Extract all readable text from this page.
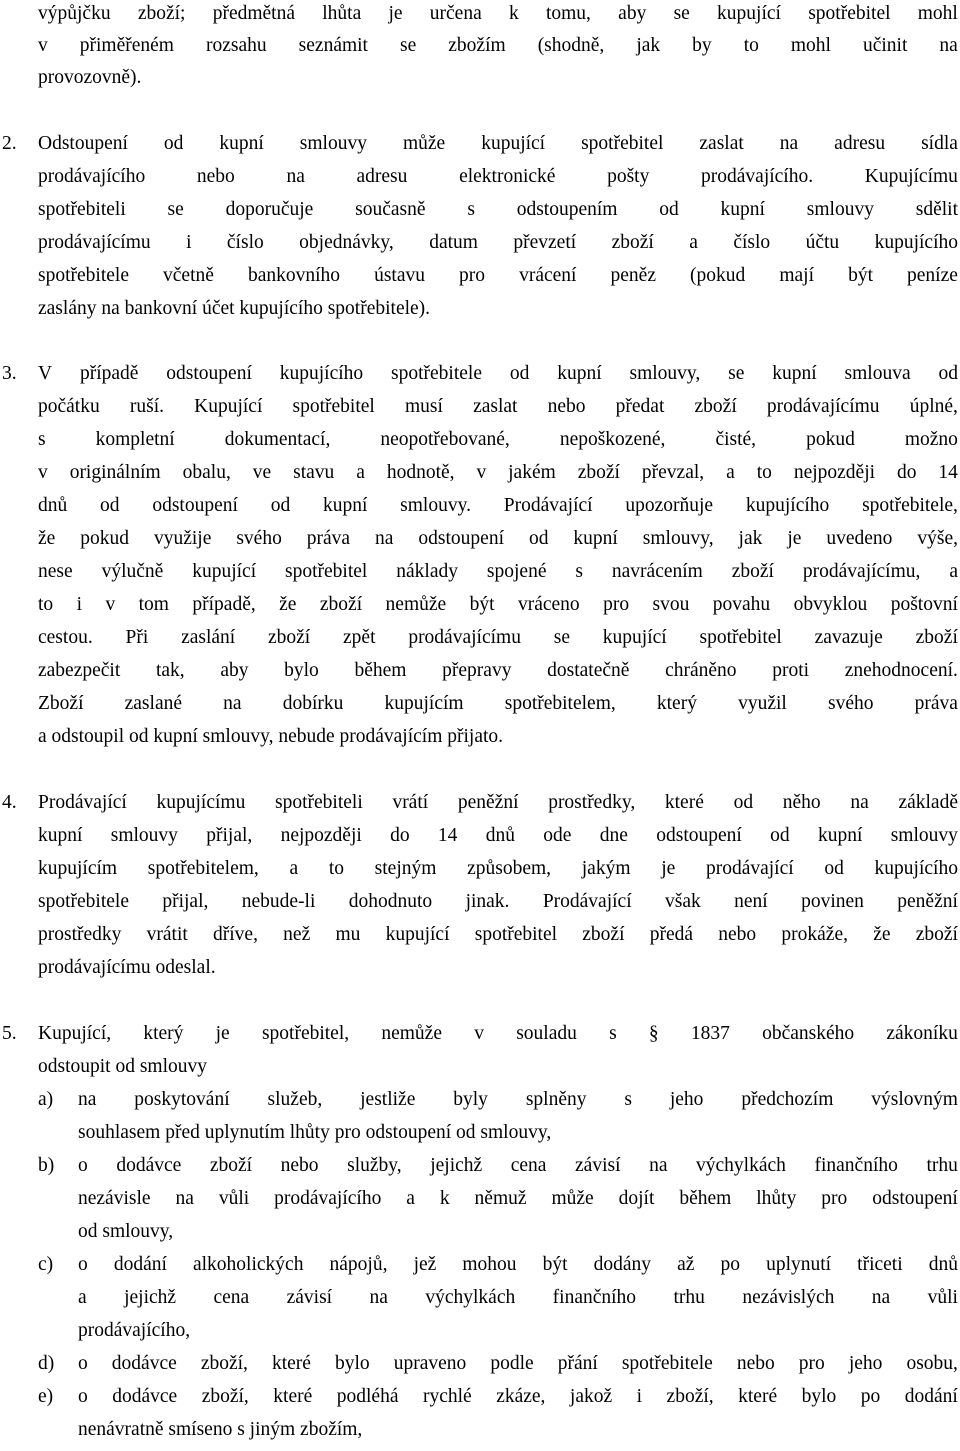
výpůjčku zboží; předmětná lhůta je určena k tomu, aby se kupující spotřebitel mohl
v přiměřeném rozsahu seznámit se zbožím (shodně, jak by to mohl učinit na
provozovně).
2. Odstoupení od kupní smlouvy může kupující spotřebitel zaslat na adresu sídla
prodávajícího	nebo	na	adresu	elektronické	pošty	prodávajícího.	Kupujícímu
spotřebiteli se doporučuje současně s odstoupením od kupní smlouvy sdělit
prodávajícímu i číslo objednávky, datum převzetí zboží a číslo účtu kupujícího
spotřebitele včetně bankovního ústavu pro vrácení peněz (pokud mají být peníze
zaslány na bankovní účet kupujícího spotřebitele).
3. V případě odstoupení kupujícího spotřebitele od kupní smlouvy, se kupní smlouva od
počátku ruší. Kupující spotřebitel musí zaslat nebo předat zboží prodávajícímu úplné,
s	kompletní	dokumentací,	neopotřebované,	nepoškozené,	čisté,	pokud	možno
v originálním obalu, ve stavu a hodnotě, v jakém zboží převzal, a to nejpozději do 14
dnů od odstoupení od kupní smlouvy. Prodávající upozorňuje kupujícího spotřebitele,
že pokud využije svého práva na odstoupení od kupní smlouvy, jak je uvedeno výše,
nese výlučně kupující spotřebitel náklady spojené s navrácením zboží prodávajícímu, a
to i v tom případě, že zboží nemůže být vráceno pro svou povahu obvyklou poštovní
cestou. Při zaslání zboží zpět prodávajícímu se kupující spotřebitel zavazuje zboží
zabezpečit tak, aby bylo během přepravy dostatečně chráněno proti znehodnocení.
Zboží zaslané na dobírku kupujícím spotřebitelem, který využil svého práva
a odstoupil od kupní smlouvy, nebude prodávajícím přijato.
4. Prodávající kupujícímu spotřebiteli vrátí peněžní prostředky, které od něho na základě
kupní smlouvy přijal, nejpozději do 14 dnů ode dne odstoupení od kupní smlouvy
kupujícím spotřebitelem, a to stejným způsobem, jakým je prodávající od kupujícího
spotřebitele přijal, nebude-li dohodnuto jinak. Prodávající však není povinen peněžní
prostředky vrátit dříve, než mu kupující spotřebitel zboží předá nebo prokáže, že zboží
prodávajícímu odeslal.
5. Kupující, který je spotřebitel, nemůže v souladu s § 1837 občanského zákoníku
odstoupit od smlouvy
a) na poskytování služeb, jestliže byly splněny s jeho předchozím výslovným
souhlasem před uplynutím lhůty pro odstoupení od smlouvy,
b) o dodávce zboží nebo služby, jejichž cena závisí na výchylkách finančního trhu
nezávisle na vůli prodávajícího a k němuž může dojít během lhůty pro odstoupení
od smlouvy,
c) o dodání alkoholických nápojů, jež mohou být dodány až po uplynutí třiceti dnů
a jejichž cena závisí na výchylkách finančního trhu nezávislých na vůli
prodávajícího,
d) o dodávce zboží, které bylo upraveno podle přání spotřebitele nebo pro jeho osobu,
e) o dodávce zboží, které podléhá rychlé zkáze, jakož i zboží, které bylo po dodání
nenávratně smíseno s jiným zbožím,
